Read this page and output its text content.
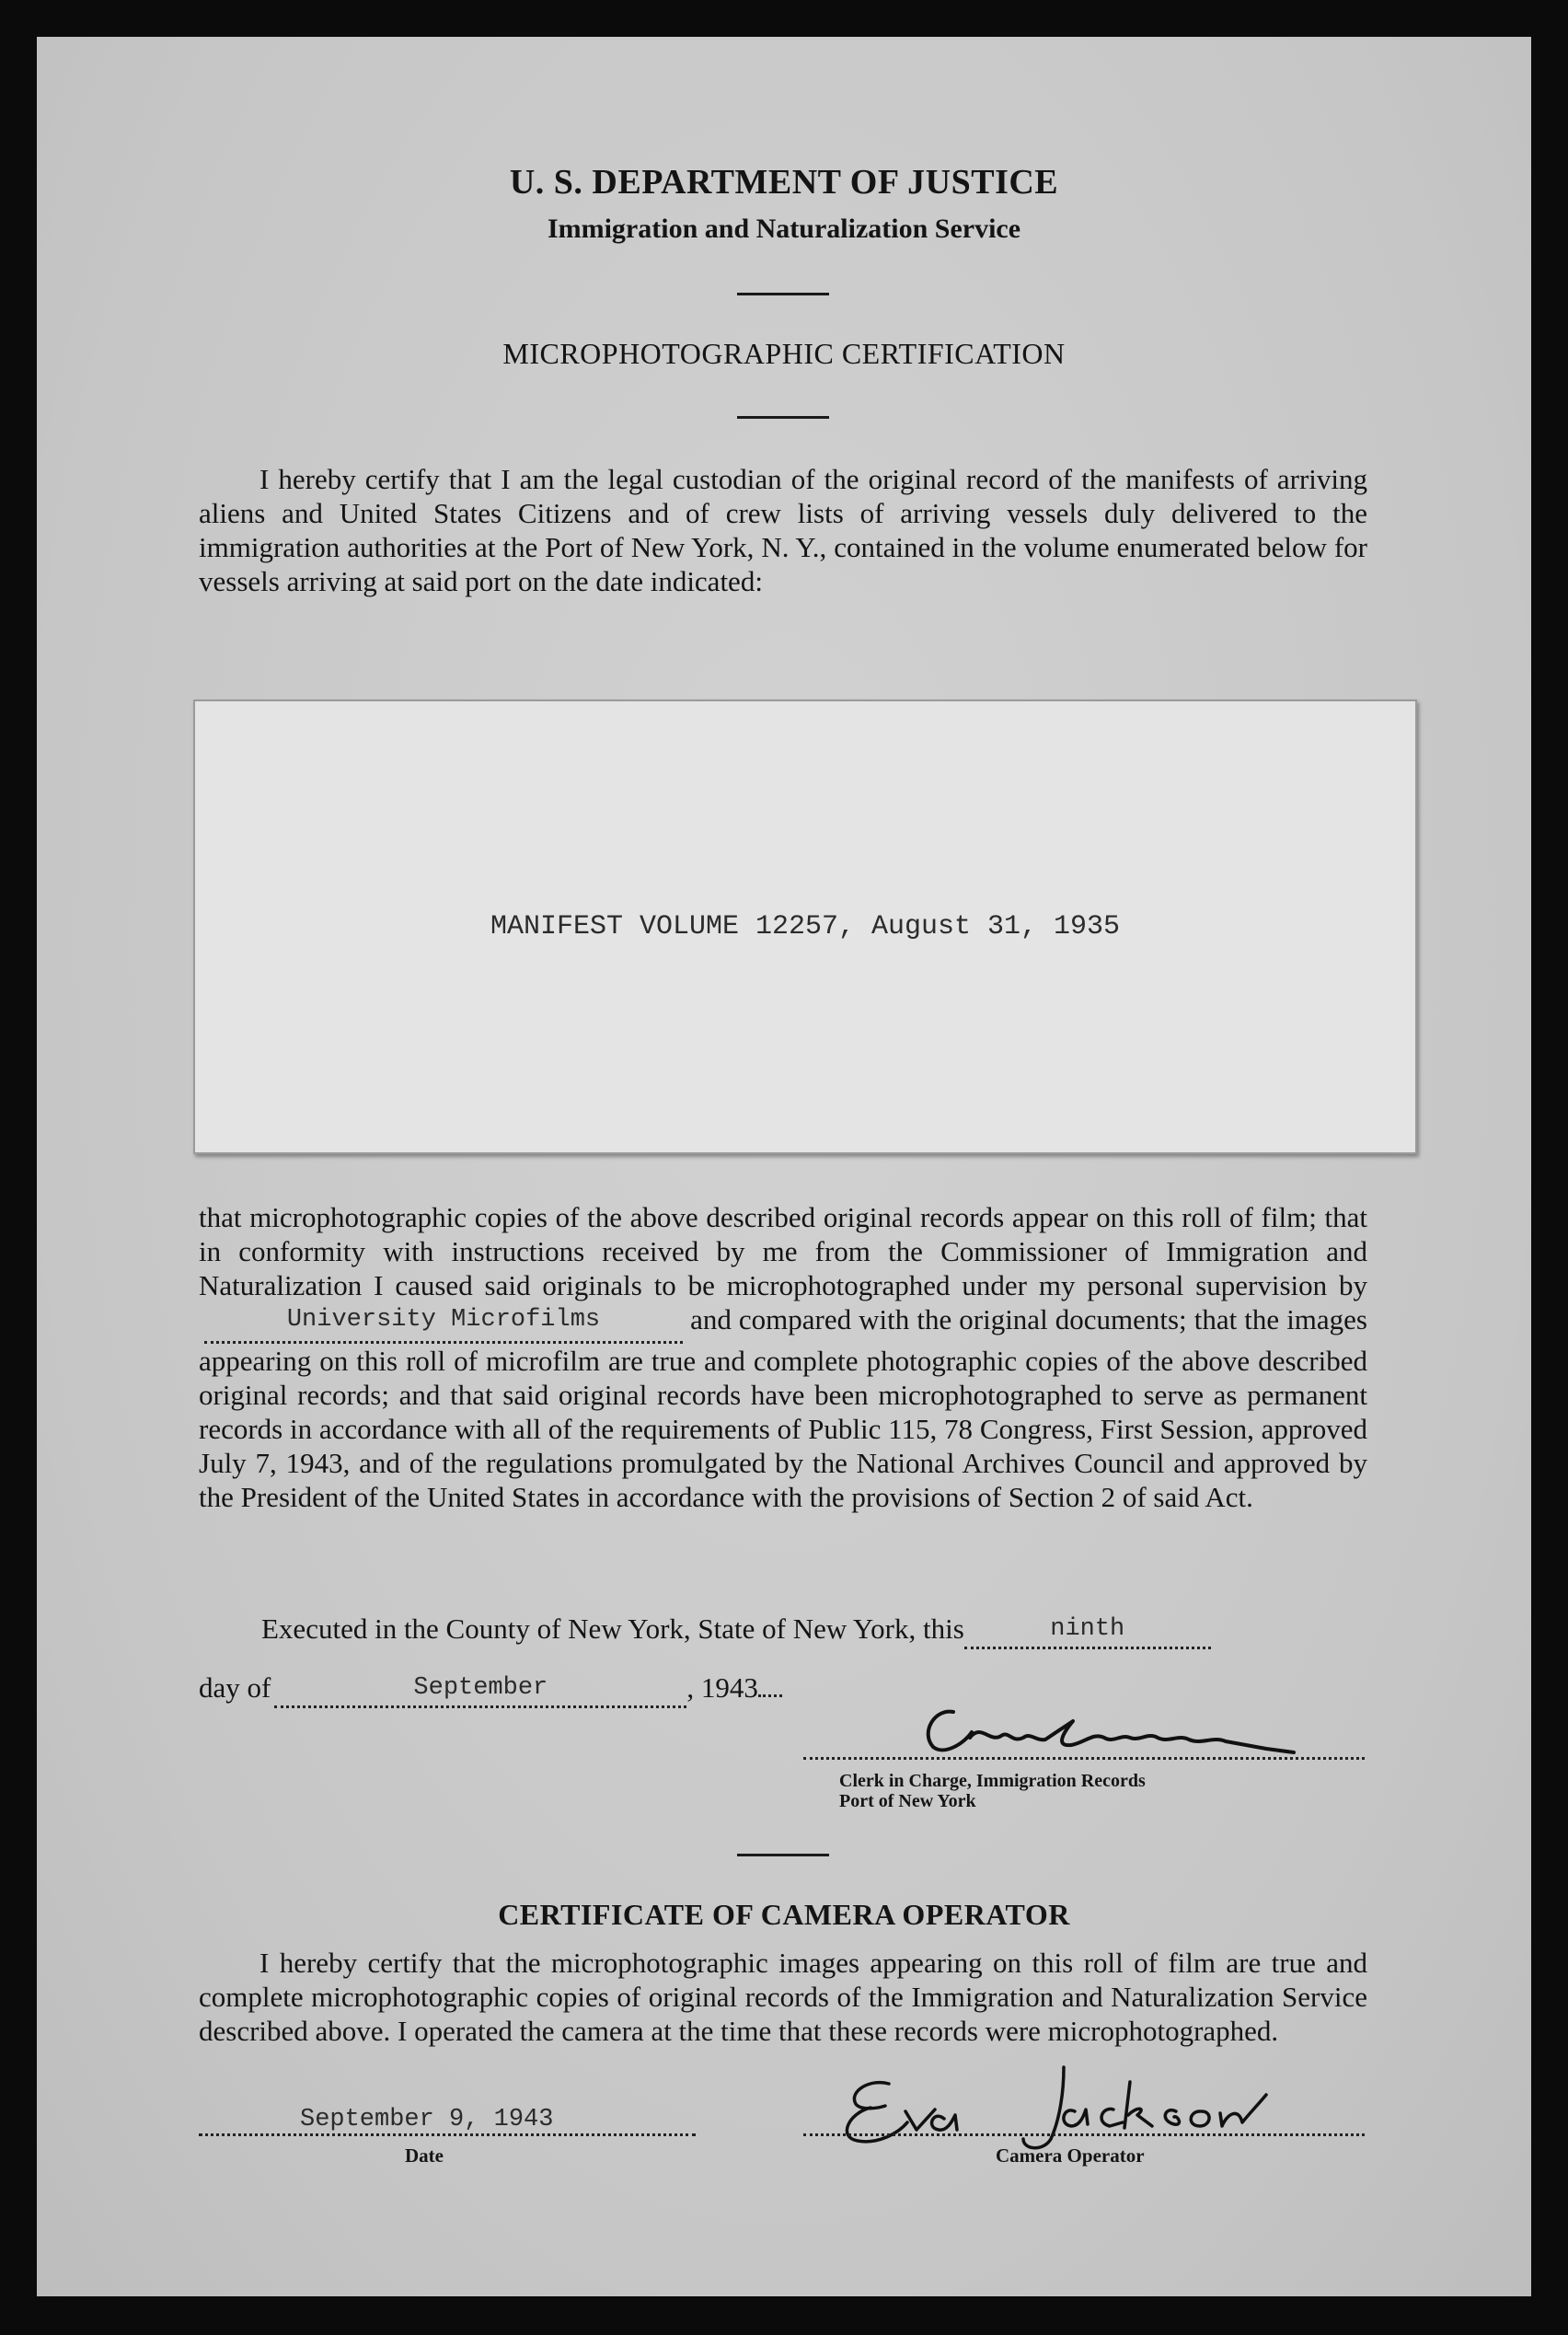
U. S. DEPARTMENT OF JUSTICE
Immigration and Naturalization Service
MICROPHOTOGRAPHIC CERTIFICATION
I hereby certify that I am the legal custodian of the original record of the manifests of arriving aliens and United States Citizens and of crew lists of arriving vessels duly delivered to the immigration authorities at the Port of New York, N. Y., contained in the volume enumerated below for vessels arriving at said port on the date indicated:
MANIFEST VOLUME 12257, August 31, 1935
that microphotographic copies of the above described original records appear on this roll of film; that in conformity with instructions received by me from the Commissioner of Immigration and Naturalization I caused said originals to be microphotographed under my personal supervision byUniversity Microfilms	and compared with the original documents; that the images appearing on this roll of microfilm are true and complete photographic copies of the above described original records; and that said original records have been microphotographed to serve as permanent records in accordance with all of the requirements of Public 115, 78 Congress, First Session, approved July 7, 1943, and of the regulations promulgated by the National Archives Council and approved by the President of the United States in accordance with the provisions of Section 2 of said Act.
Executed in the County of New York, State of New York, this	ninth
day of	September	, 1943
Clerk in Charge, Immigration Records
Port of New York
CERTIFICATE OF CAMERA OPERATOR
I hereby certify that the microphotographic images appearing on this roll of film are true and complete microphotographic copies of original records of the Immigration and Naturalization Service described above. I operated the camera at the time that these records were microphotographed.
September 9, 1943
Date	Camera Operator
